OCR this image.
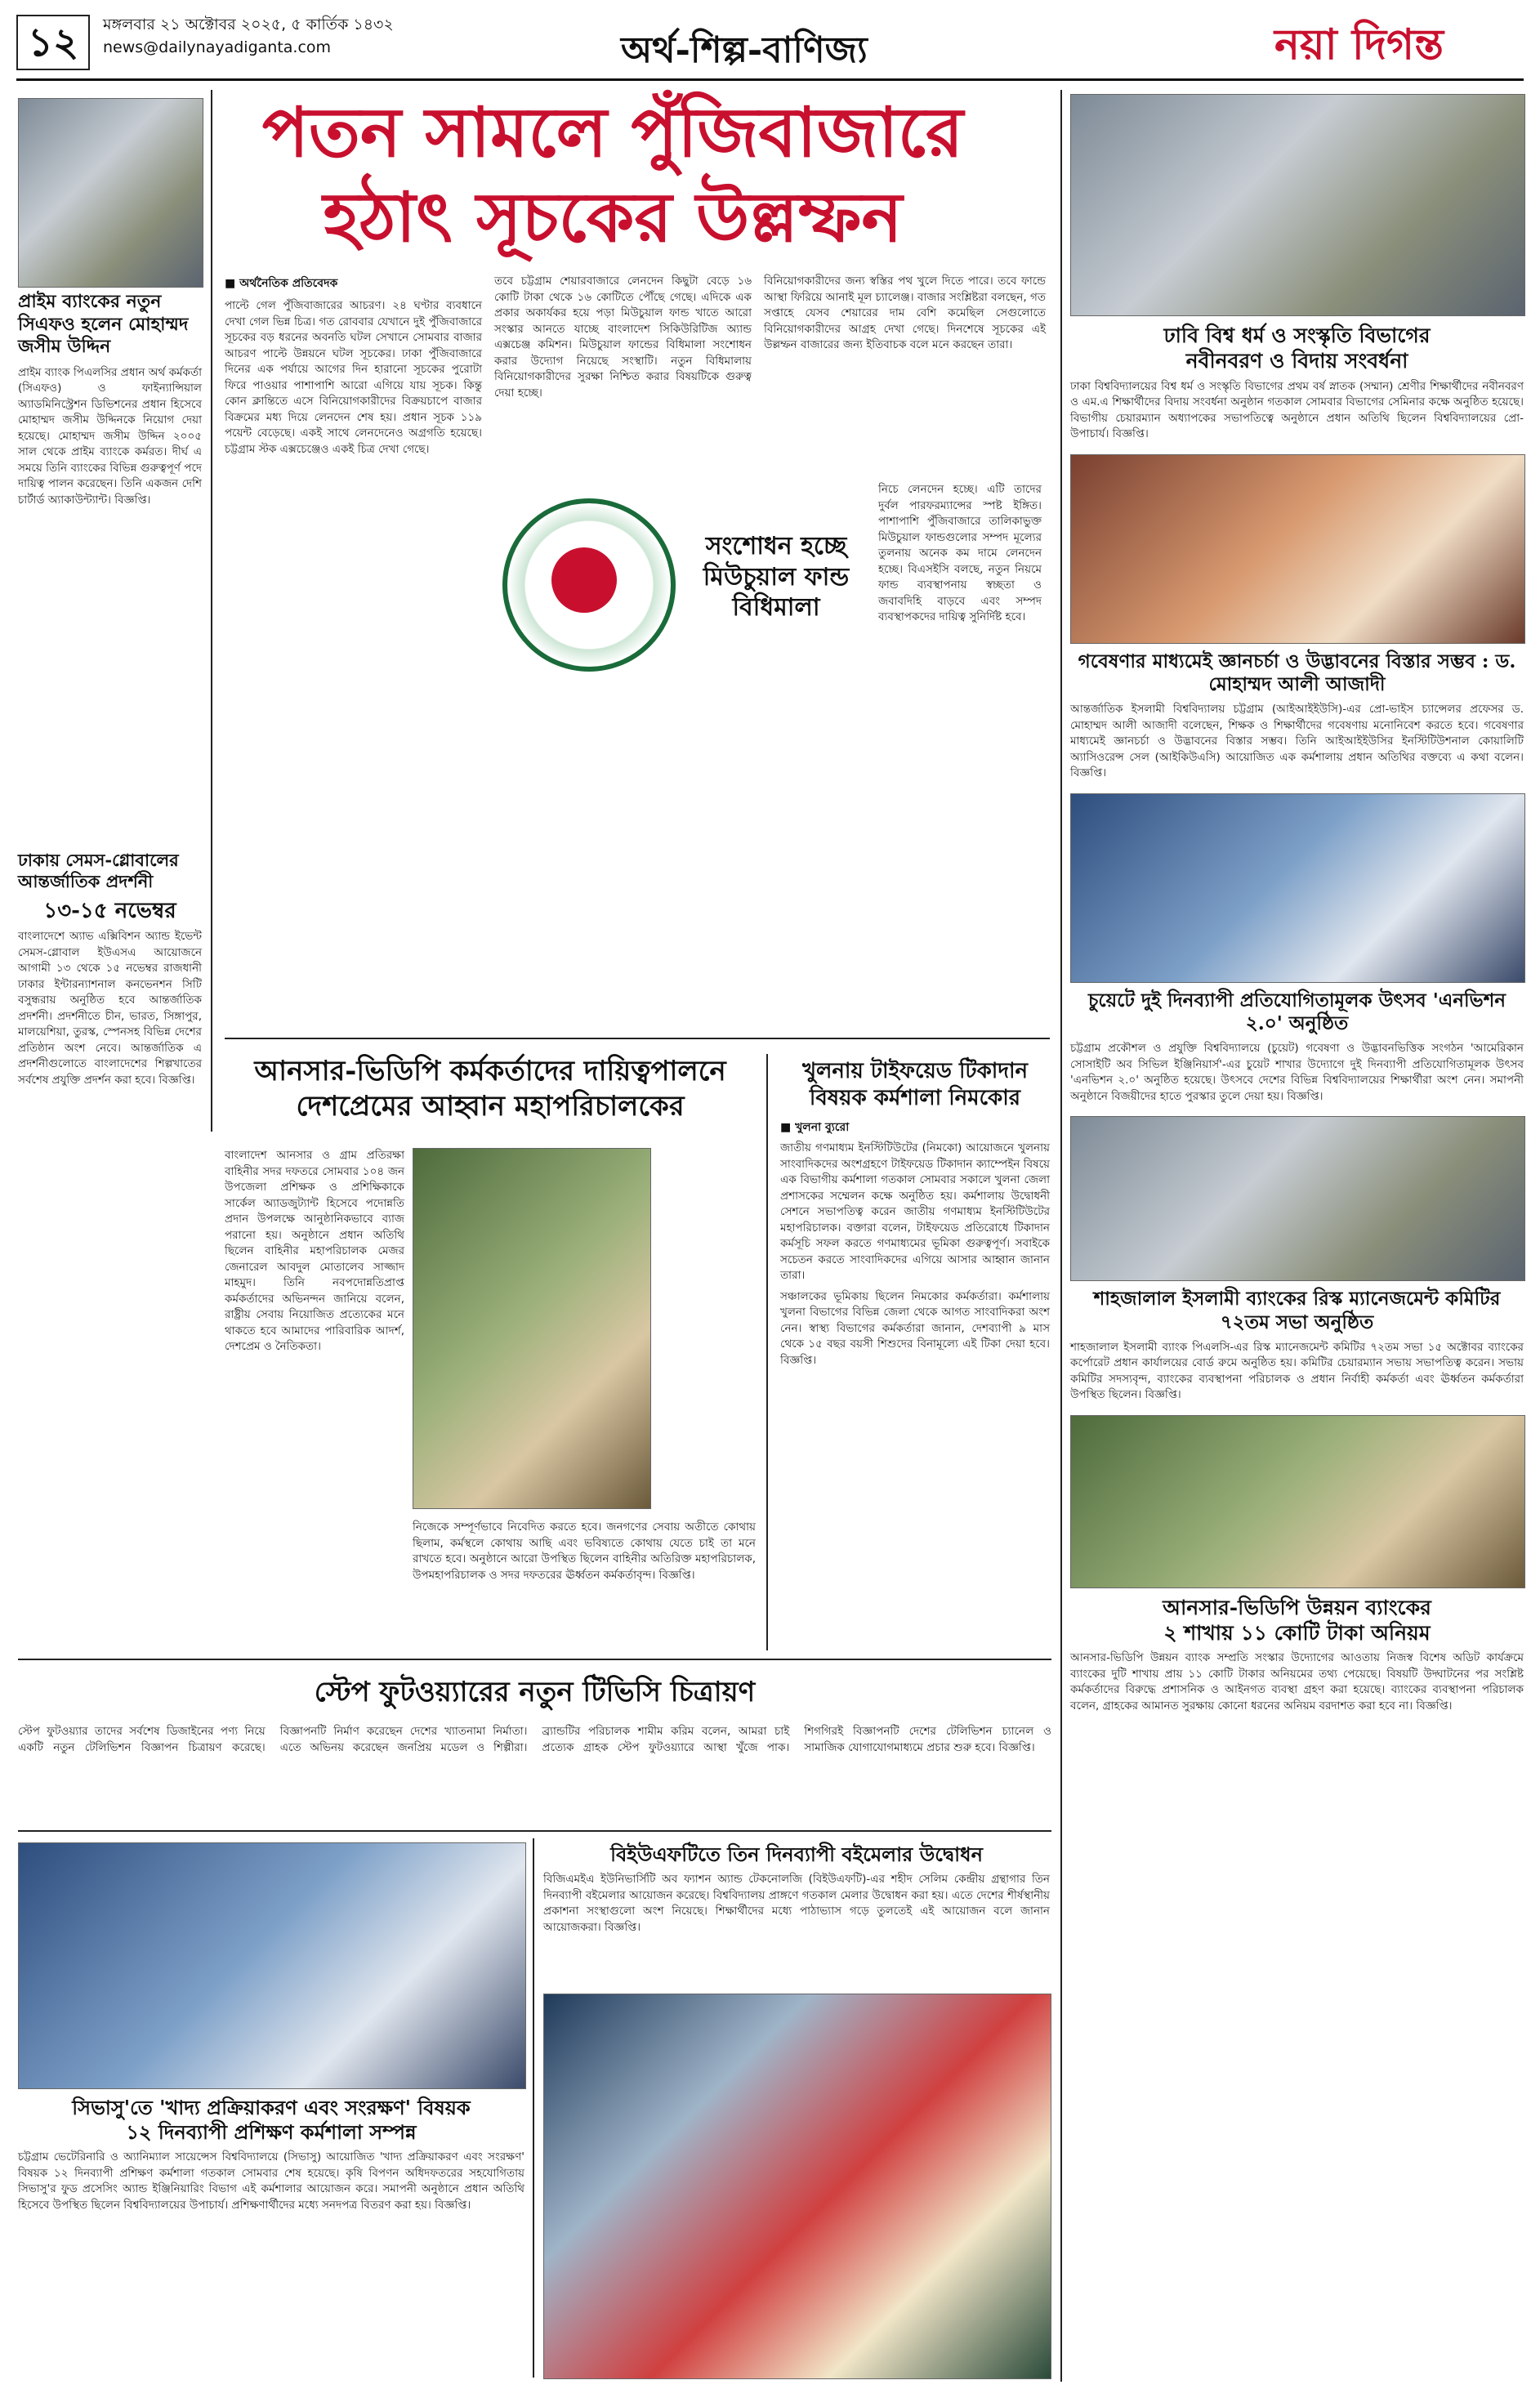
১২	মঙ্গলবার ২১ অক্টোবর ২০২৫, ৫ কার্তিক ১৪৩২
news@dailynayadiganta.com	অর্থ-শিল্প-বাণিজ্য	নয়া দিগন্ত
পতন সামলে পুঁজিবাজারে
হঠাৎ সূচকের উল্লম্ফন
প্রাইম ব্যাংকের নতুন সিএফও হলেন মোহাম্মদ জসীম উদ্দিন
প্রাইম ব্যাংক পিএলসির প্রধান অর্থ কর্মকর্তা (সিএফও) ও ফাইন্যান্সিয়াল অ্যাডমিনিস্ট্রেশন ডিভিশনের প্রধান হিসেবে মোহাম্মদ জসীম উদ্দিনকে নিয়োগ দেয়া হয়েছে। মোহাম্মদ জসীম উদ্দিন ২০০৫ সাল থেকে প্রাইম ব্যাংকে কর্মরত। দীর্ঘ এ সময়ে তিনি ব্যাংকের বিভিন্ন গুরুত্বপূর্ণ পদে দায়িত্ব পালন করেছেন। তিনি একজন দেশি চার্টার্ড অ্যাকাউন্ট্যান্ট। বিজ্ঞপ্তি।
ঢাকায় সেমস-গ্লোবালের আন্তর্জাতিক প্রদর্শনী
১৩-১৫ নভেম্বর
বাংলাদেশে অ্যাভ এক্সিবিশন অ্যান্ড ইভেন্ট সেমস-গ্লোবাল ইউএসএ আয়োজনে আগামী ১৩ থেকে ১৫ নভেম্বর রাজধানী ঢাকার ইন্টারন্যাশনাল কনভেনশন সিটি বসুন্ধরায় অনুষ্ঠিত হবে আন্তর্জাতিক প্রদর্শনী। প্রদর্শনীতে চীন, ভারত, সিঙ্গাপুর, মালয়েশিয়া, তুরস্ক, স্পেনসহ বিভিন্ন দেশের প্রতিষ্ঠান অংশ নেবে। আন্তর্জাতিক এ প্রদর্শনীগুলোতে বাংলাদেশের শিল্পখাতের সর্বশেষ প্রযুক্তি প্রদর্শন করা হবে। বিজ্ঞপ্তি।
■ অর্থনৈতিক প্রতিবেদক
পাল্টে গেল পুঁজিবাজারের আচরণ। ২৪ ঘণ্টার ব্যবধানে দেখা গেল ভিন্ন চিত্র। গত রোববার যেখানে দুই পুঁজিবাজারে সূচকের বড় ধরনের অবনতি ঘটল সেখানে সোমবার বাজার আচরণ পাল্টে উন্নয়নে ঘটল সূচকের। ঢাকা পুঁজিবাজারে দিনের এক পর্যায়ে আগের দিন হারানো সূচকের পুরোটা ফিরে পাওয়ার পাশাপাশি আরো এগিয়ে যায় সূচক। কিন্তু কোন ক্লান্তিতে এসে বিনিয়োগকারীদের বিক্রয়চাপে বাজার বিক্রমের মধ্য দিয়ে লেনদেন শেষ হয়। প্রধান সূচক ১১৯ পয়েন্ট বেড়েছে। একই সাথে লেনদেনেও অগ্রগতি হয়েছে। চট্টগ্রাম স্টক এক্সচেঞ্জেও একই চিত্র দেখা গেছে।
তবে চট্টগ্রাম শেয়ারবাজারে লেনদেন কিছুটা বেড়ে ১৬ কোটি টাকা থেকে ১৬ কোটিতে পৌঁছে গেছে। এদিকে এক প্রকার অকার্যকর হয়ে পড়া মিউচুয়াল ফান্ড খাতে আরো সংস্কার আনতে যাচ্ছে বাংলাদেশ সিকিউরিটিজ অ্যান্ড এক্সচেঞ্জ কমিশন। মিউচুয়াল ফান্ডের বিধিমালা সংশোধন করার উদ্যোগ নিয়েছে সংস্থাটি। নতুন বিধিমালায় বিনিয়োগকারীদের সুরক্ষা নিশ্চিত করার বিষয়টিকে গুরুত্ব দেয়া হচ্ছে।
বিনিয়োগকারীদের জন্য স্বস্তির পথ খুলে দিতে পারে। তবে ফান্ডে আস্থা ফিরিয়ে আনাই মূল চ্যালেঞ্জ। বাজার সংশ্লিষ্টরা বলছেন, গত সপ্তাহে যেসব শেয়ারের দাম বেশি কমেছিল সেগুলোতে বিনিয়োগকারীদের আগ্রহ দেখা গেছে। দিনশেষে সূচকের এই উল্লম্ফন বাজারের জন্য ইতিবাচক বলে মনে করছেন তারা।
সংশোধন হচ্ছে মিউচুয়াল ফান্ড বিধিমালা
নিচে লেনদেন হচ্ছে। এটি তাদের দুর্বল পারফরম্যান্সের স্পষ্ট ইঙ্গিত। পাশাপাশি পুঁজিবাজারে তালিকাভুক্ত মিউচুয়াল ফান্ডগুলোর সম্পদ মূল্যের তুলনায় অনেক কম দামে লেনদেন হচ্ছে। বিএসইসি বলছে, নতুন নিয়মে ফান্ড ব্যবস্থাপনায় স্বচ্ছতা ও জবাবদিহি বাড়বে এবং সম্পদ ব্যবস্থাপকদের দায়িত্ব সুনির্দিষ্ট হবে।
আনসার-ভিডিপি কর্মকর্তাদের দায়িত্বপালনে
দেশপ্রেমের আহ্বান মহাপরিচালকের
বাংলাদেশ আনসার ও গ্রাম প্রতিরক্ষা বাহিনীর সদর দফতরে সোমবার ১০৪ জন উপজেলা প্রশিক্ষক ও প্রশিক্ষিকাকে সার্কেল অ্যাডজুট্যান্ট হিসেবে পদোন্নতি প্রদান উপলক্ষে আনুষ্ঠানিকভাবে ব্যাজ পরানো হয়। অনুষ্ঠানে প্রধান অতিথি ছিলেন বাহিনীর মহাপরিচালক মেজর জেনারেল আবদুল মোতালেব সাজ্জাদ মাহমুদ। তিনি নবপদোন্নতিপ্রাপ্ত কর্মকর্তাদের অভিনন্দন জানিয়ে বলেন, রাষ্ট্রীয় সেবায় নিয়োজিত প্রত্যেকের মনে থাকতে হবে আমাদের পারিবারিক আদর্শ, দেশপ্রেম ও নৈতিকতা।
নিজেকে সম্পূর্ণভাবে নিবেদিত করতে হবে। জনগণের সেবায় অতীতে কোথায় ছিলাম, কর্মস্থলে কোথায় আছি এবং ভবিষ্যতে কোথায় যেতে চাই তা মনে রাখতে হবে। অনুষ্ঠানে আরো উপস্থিত ছিলেন বাহিনীর অতিরিক্ত মহাপরিচালক, উপমহাপরিচালক ও সদর দফতরের ঊর্ধ্বতন কর্মকর্তাবৃন্দ। বিজ্ঞপ্তি।
খুলনায় টাইফয়েড টিকাদান বিষয়ক কর্মশালা নিমকোর
■ খুলনা ব্যুরো
জাতীয় গণমাধ্যম ইনস্টিটিউটের (নিমকো) আয়োজনে খুলনায় সাংবাদিকদের অংশগ্রহণে টাইফয়েড টিকাদান ক্যাম্পেইন বিষয়ে এক বিভাগীয় কর্মশালা গতকাল সোমবার সকালে খুলনা জেলা প্রশাসকের সম্মেলন কক্ষে অনুষ্ঠিত হয়। কর্মশালায় উদ্বোধনী সেশনে সভাপতিত্ব করেন জাতীয় গণমাধ্যম ইনস্টিটিউটের মহাপরিচালক। বক্তারা বলেন, টাইফয়েড প্রতিরোধে টিকাদান কর্মসূচি সফল করতে গণমাধ্যমের ভূমিকা গুরুত্বপূর্ণ। সবাইকে সচেতন করতে সাংবাদিকদের এগিয়ে আসার আহ্বান জানান তারা।
সঞ্চালকের ভূমিকায় ছিলেন নিমকোর কর্মকর্তারা। কর্মশালায় খুলনা বিভাগের বিভিন্ন জেলা থেকে আগত সাংবাদিকরা অংশ নেন। স্বাস্থ্য বিভাগের কর্মকর্তারা জানান, দেশব্যাপী ৯ মাস থেকে ১৫ বছর বয়সী শিশুদের বিনামূল্যে এই টিকা দেয়া হবে। বিজ্ঞপ্তি।
স্টেপ ফুটওয়্যারের নতুন টিভিসি চিত্রায়ণ
স্টেপ ফুটওয়্যার তাদের সর্বশেষ ডিজাইনের পণ্য নিয়ে একটি নতুন টেলিভিশন বিজ্ঞাপন চিত্রায়ণ করেছে। বিজ্ঞাপনটি নির্মাণ করেছেন দেশের খ্যাতনামা নির্মাতা। এতে অভিনয় করেছেন জনপ্রিয় মডেল ও শিল্পীরা। ব্র্যান্ডটির পরিচালক শামীম করিম বলেন, আমরা চাই প্রত্যেক গ্রাহক স্টেপ ফুটওয়্যারে আস্থা খুঁজে পাক। শিগগিরই বিজ্ঞাপনটি দেশের টেলিভিশন চ্যানেল ও সামাজিক যোগাযোগমাধ্যমে প্রচার শুরু হবে। বিজ্ঞপ্তি।
সিভাসু'তে 'খাদ্য প্রক্রিয়াকরণ এবং সংরক্ষণ' বিষয়ক
১২ দিনব্যাপী প্রশিক্ষণ কর্মশালা সম্পন্ন
চট্টগ্রাম ভেটেরিনারি ও অ্যানিম্যাল সায়েন্সেস বিশ্ববিদ্যালয়ে (সিভাসু) আয়োজিত 'খাদ্য প্রক্রিয়াকরণ এবং সংরক্ষণ' বিষয়ক ১২ দিনব্যাপী প্রশিক্ষণ কর্মশালা গতকাল সোমবার শেষ হয়েছে। কৃষি বিপণন অধিদফতরের সহযোগিতায় সিভাসু'র ফুড প্রসেসিং অ্যান্ড ইঞ্জিনিয়ারিং বিভাগ এই কর্মশালার আয়োজন করে। সমাপনী অনুষ্ঠানে প্রধান অতিথি হিসেবে উপস্থিত ছিলেন বিশ্ববিদ্যালয়ের উপাচার্য। প্রশিক্ষণার্থীদের মধ্যে সনদপত্র বিতরণ করা হয়। বিজ্ঞপ্তি।
বিইউএফটিতে তিন দিনব্যাপী বইমেলার উদ্বোধন
বিজিএমইএ ইউনিভার্সিটি অব ফ্যাশন অ্যান্ড টেকনোলজি (বিইউএফটি)-এর শহীদ সেলিম কেন্দ্রীয় গ্রন্থাগার তিন দিনব্যাপী বইমেলার আয়োজন করেছে। বিশ্ববিদ্যালয় প্রাঙ্গণে গতকাল মেলার উদ্বোধন করা হয়। এতে দেশের শীর্ষস্থানীয় প্রকাশনা সংস্থাগুলো অংশ নিয়েছে। শিক্ষার্থীদের মধ্যে পাঠাভ্যাস গড়ে তুলতেই এই আয়োজন বলে জানান আয়োজকরা। বিজ্ঞপ্তি।
ঢাবি বিশ্ব ধর্ম ও সংস্কৃতি বিভাগের
নবীনবরণ ও বিদায় সংবর্ধনা
ঢাকা বিশ্ববিদ্যালয়ের বিশ্ব ধর্ম ও সংস্কৃতি বিভাগের প্রথম বর্ষ স্নাতক (সম্মান) শ্রেণীর শিক্ষার্থীদের নবীনবরণ ও এম.এ শিক্ষার্থীদের বিদায় সংবর্ধনা অনুষ্ঠান গতকাল সোমবার বিভাগের সেমিনার কক্ষে অনুষ্ঠিত হয়েছে। বিভাগীয় চেয়ারম্যান অধ্যাপকের সভাপতিত্বে অনুষ্ঠানে প্রধান অতিথি ছিলেন বিশ্ববিদ্যালয়ের প্রো-উপাচার্য। বিজ্ঞপ্তি।
গবেষণার মাধ্যমেই জ্ঞানচর্চা ও উদ্ভাবনের বিস্তার সম্ভব : ড. মোহাম্মদ আলী আজাদী
আন্তর্জাতিক ইসলামী বিশ্ববিদ্যালয় চট্টগ্রাম (আইআইইউসি)-এর প্রো-ভাইস চ্যান্সেলর প্রফেসর ড. মোহাম্মদ আলী আজাদী বলেছেন, শিক্ষক ও শিক্ষার্থীদের গবেষণায় মনোনিবেশ করতে হবে। গবেষণার মাধ্যমেই জ্ঞানচর্চা ও উদ্ভাবনের বিস্তার সম্ভব। তিনি আইআইইউসির ইনস্টিটিউশনাল কোয়ালিটি অ্যাসিওরেন্স সেল (আইকিউএসি) আয়োজিত এক কর্মশালায় প্রধান অতিথির বক্তব্যে এ কথা বলেন। বিজ্ঞপ্তি।
চুয়েটে দুই দিনব্যাপী প্রতিযোগিতামূলক উৎসব 'এনভিশন ২.০' অনুষ্ঠিত
চট্টগ্রাম প্রকৌশল ও প্রযুক্তি বিশ্ববিদ্যালয়ে (চুয়েট) গবেষণা ও উদ্ভাবনভিত্তিক সংগঠন 'আমেরিকান সোসাইটি অব সিভিল ইঞ্জিনিয়ার্স'-এর চুয়েট শাখার উদ্যোগে দুই দিনব্যাপী প্রতিযোগিতামূলক উৎসব 'এনভিশন ২.০' অনুষ্ঠিত হয়েছে। উৎসবে দেশের বিভিন্ন বিশ্ববিদ্যালয়ের শিক্ষার্থীরা অংশ নেন। সমাপনী অনুষ্ঠানে বিজয়ীদের হাতে পুরস্কার তুলে দেয়া হয়। বিজ্ঞপ্তি।
শাহজালাল ইসলামী ব্যাংকের রিস্ক ম্যানেজমেন্ট কমিটির ৭২তম সভা অনুষ্ঠিত
শাহজালাল ইসলামী ব্যাংক পিএলসি-এর রিস্ক ম্যানেজমেন্ট কমিটির ৭২তম সভা ১৫ অক্টোবর ব্যাংকের কর্পোরেট প্রধান কার্যালয়ের বোর্ড রুমে অনুষ্ঠিত হয়। কমিটির চেয়ারম্যান সভায় সভাপতিত্ব করেন। সভায় কমিটির সদস্যবৃন্দ, ব্যাংকের ব্যবস্থাপনা পরিচালক ও প্রধান নির্বাহী কর্মকর্তা এবং ঊর্ধ্বতন কর্মকর্তারা উপস্থিত ছিলেন। বিজ্ঞপ্তি।
আনসার-ভিডিপি উন্নয়ন ব্যাংকের
২ শাখায় ১১ কোটি টাকা অনিয়ম
আনসার-ভিডিপি উন্নয়ন ব্যাংক সম্প্রতি সংস্কার উদ্যোগের আওতায় নিজস্ব বিশেষ অডিট কার্যক্রমে ব্যাংকের দুটি শাখায় প্রায় ১১ কোটি টাকার অনিয়মের তথ্য পেয়েছে। বিষয়টি উদ্ঘাটনের পর সংশ্লিষ্ট কর্মকর্তাদের বিরুদ্ধে প্রশাসনিক ও আইনগত ব্যবস্থা গ্রহণ করা হয়েছে। ব্যাংকের ব্যবস্থাপনা পরিচালক বলেন, গ্রাহকের আমানত সুরক্ষায় কোনো ধরনের অনিয়ম বরদাশত করা হবে না। বিজ্ঞপ্তি।
